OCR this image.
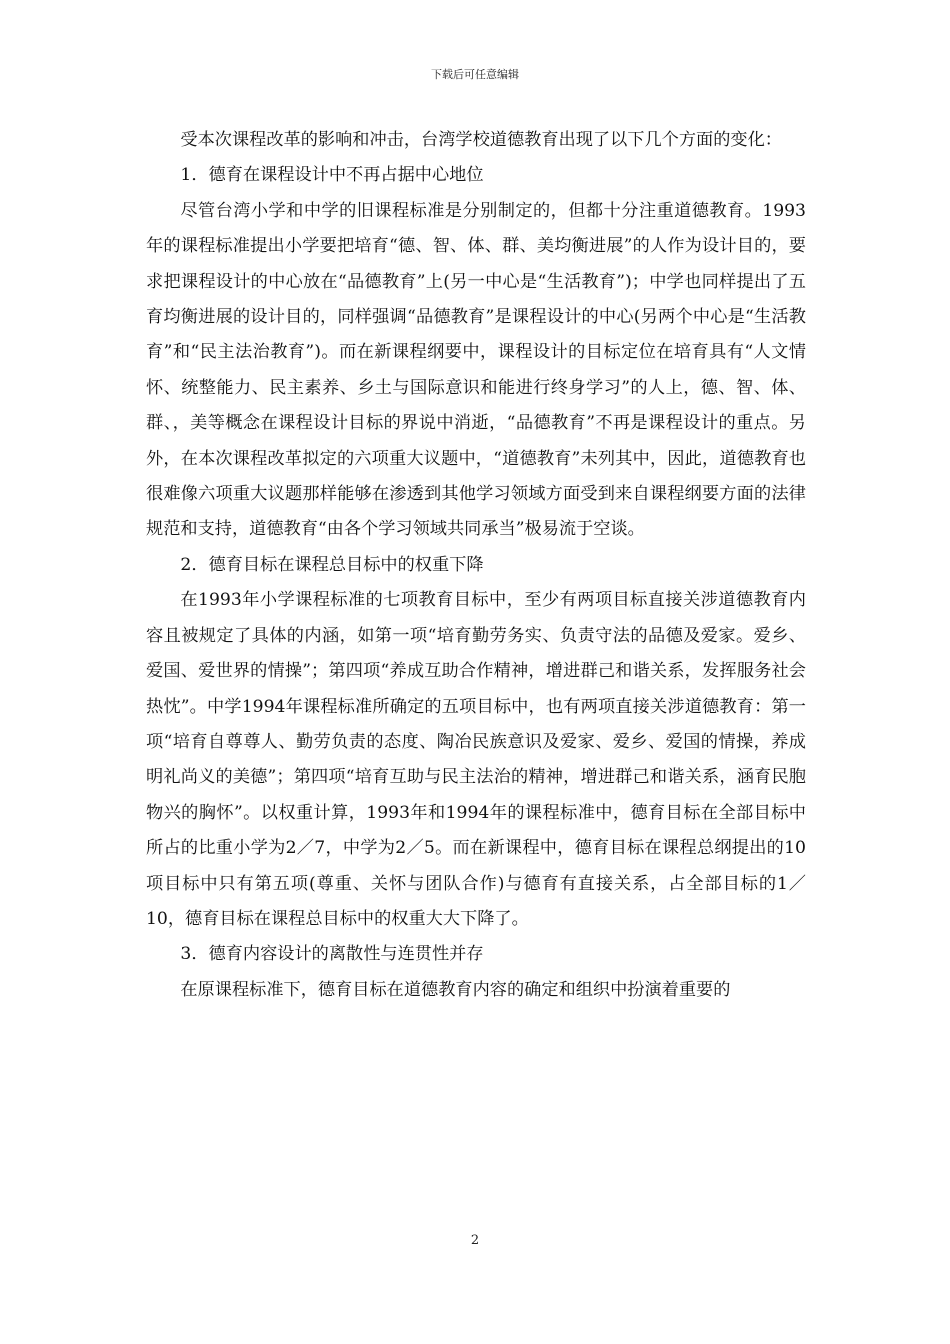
下载后可任意编辑

受本次课程改革的影响和冲击，台湾学校道德教育出现了以下几个方面的变化：

1．德育在课程设计中不再占据中心地位

尽管台湾小学和中学的旧课程标准是分别制定的，但都十分注重道德教育。1993年的课程标准提出小学要把培育“德、智、体、群、美均衡进展”的人作为设计目的，要求把课程设计的中心放在“品德教育”上(另一中心是“生活教育”)；中学也同样提出了五育均衡进展的设计目的，同样强调“品德教育”是课程设计的中心(另两个中心是“生活教育”和“民主法治教育”)。而在新课程纲要中，课程设计的目标定位在培育具有“人文情怀、统整能力、民主素养、乡土与国际意识和能进行终身学习”的人上，德、智、体、群、，美等概念在课程设计目标的界说中消逝，“品德教育”不再是课程设计的重点。另外，在本次课程改革拟定的六项重大议题中，“道德教育”未列其中，因此，道德教育也很难像六项重大议题那样能够在渗透到其他学习领域方面受到来自课程纲要方面的法律规范和支持，道德教育“由各个学习领域共同承当”极易流于空谈。

2．德育目标在课程总目标中的权重下降

在1993年小学课程标准的七项教育目标中，至少有两项目标直接关涉道德教育内容且被规定了具体的内涵，如第一项“培育勤劳务实、负责守法的品德及爱家。爱乡、爱国、爱世界的情操”；第四项“养成互助合作精神，增进群己和谐关系，发挥服务社会热忱”。中学1994年课程标准所确定的五项目标中，也有两项直接关涉道德教育：第一项“培育自尊尊人、勤劳负责的态度、陶冶民族意识及爱家、爱乡、爱国的情操，养成明礼尚义的美德”；第四项“培育互助与民主法治的精神，增进群己和谐关系，涵育民胞物兴的胸怀”。以权重计算，1993年和1994年的课程标准中，德育目标在全部目标中所占的比重小学为2／7，中学为2／5。而在新课程中，德育目标在课程总纲提出的10项目标中只有第五项(尊重、关怀与团队合作)与德育有直接关系，占全部目标的1／10，德育目标在课程总目标中的权重大大下降了。

3．德育内容设计的离散性与连贯性并存

在原课程标准下，德育目标在道德教育内容的确定和组织中扮演着重要的

2
